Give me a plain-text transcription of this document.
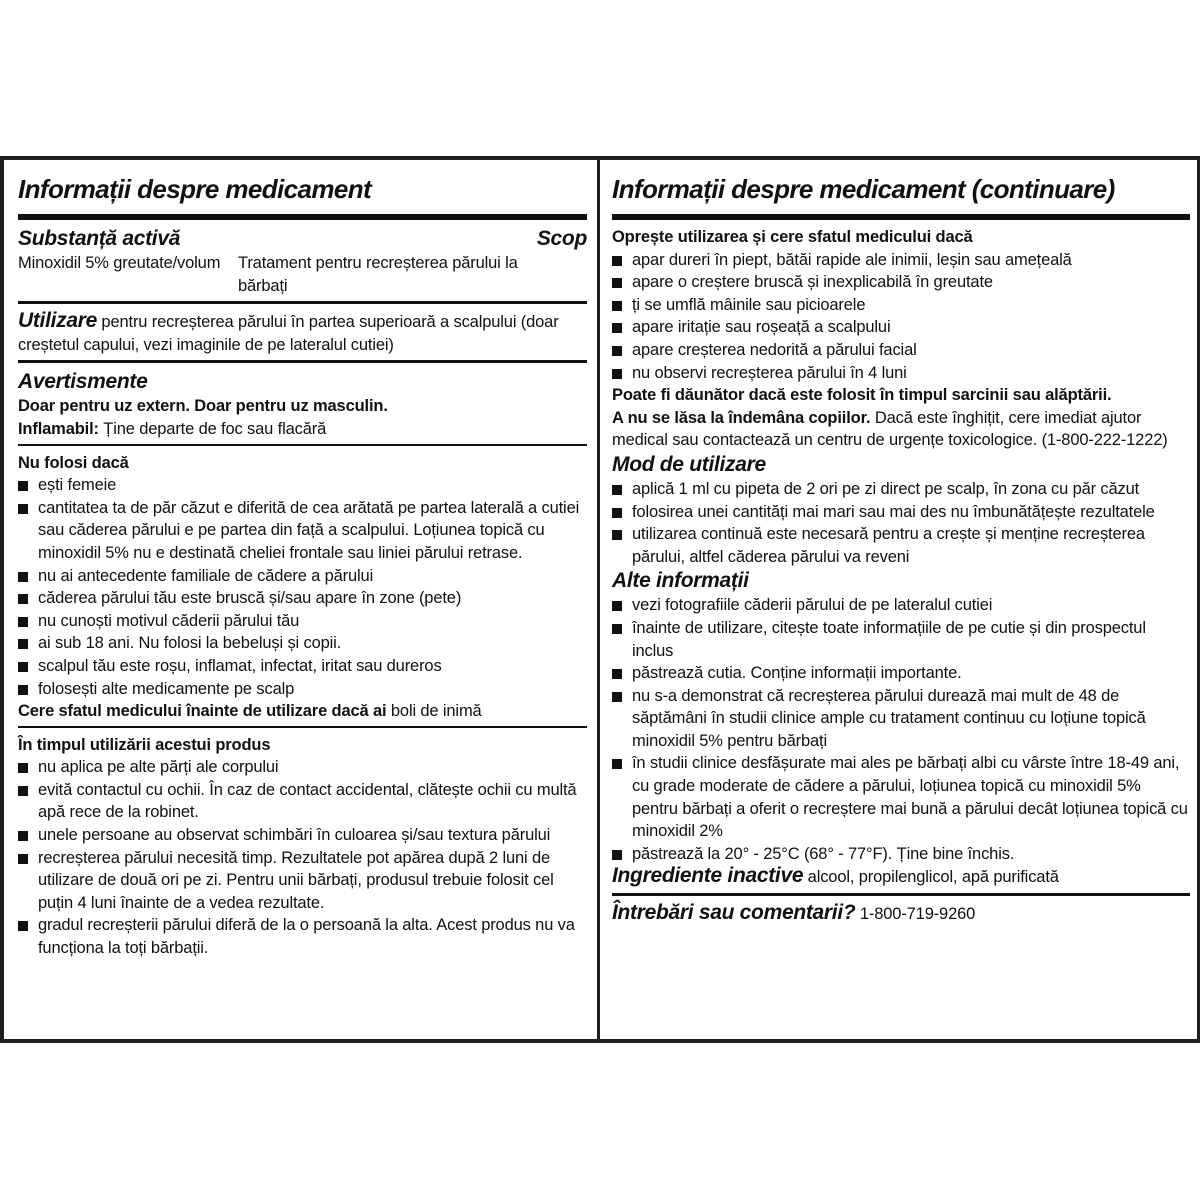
Informații despre medicament
Substanță activă	Scop
Minoxidil 5% greutate/volum	Tratament pentru recreșterea părului la bărbați
Utilizare pentru recreșterea părului în partea superioară a scalpului (doar creștetul capului, vezi imaginile de pe lateralul cutiei)
Avertismente
Doar pentru uz extern. Doar pentru uz masculin.
Inflamabil: Ține departe de foc sau flacără
Nu folosi dacă
ești femeie
cantitatea ta de păr căzut e diferită de cea arătată pe partea laterală a cutiei sau căderea părului e pe partea din față a scalpului. Loțiunea topică cu minoxidil 5% nu e destinată cheliei frontale sau liniei părului retrase.
nu ai antecedente familiale de cădere a părului
căderea părului tău este bruscă și/sau apare în zone (pete)
nu cunoști motivul căderii părului tău
ai sub 18 ani. Nu folosi la bebeluși și copii.
scalpul tău este roșu, inflamat, infectat, iritat sau dureros
folosești alte medicamente pe scalp
Cere sfatul medicului înainte de utilizare dacă ai boli de inimă
În timpul utilizării acestui produs
nu aplica pe alte părți ale corpului
evită contactul cu ochii. În caz de contact accidental, clătește ochii cu multă apă rece de la robinet.
unele persoane au observat schimbări în culoarea și/sau textura părului
recreșterea părului necesită timp. Rezultatele pot apărea după 2 luni de utilizare de două ori pe zi. Pentru unii bărbați, produsul trebuie folosit cel puțin 4 luni înainte de a vedea rezultate.
gradul recreșterii părului diferă de la o persoană la alta. Acest produs nu va funcționa la toți bărbații.
Informații despre medicament (continuare)
Oprește utilizarea și cere sfatul medicului dacă
apar dureri în piept, bătăi rapide ale inimii, leșin sau amețeală
apare o creștere bruscă și inexplicabilă în greutate
ți se umflă mâinile sau picioarele
apare iritație sau roșeață a scalpului
apare creșterea nedorită a părului facial
nu observi recreșterea părului în 4 luni
Poate fi dăunător dacă este folosit în timpul sarcinii sau alăptării.
A nu se lăsa la îndemâna copiilor. Dacă este înghițit, cere imediat ajutor medical sau contactează un centru de urgențe toxicologice. (1-800-222-1222)
Mod de utilizare
aplică 1 ml cu pipeta de 2 ori pe zi direct pe scalp, în zona cu păr căzut
folosirea unei cantități mai mari sau mai des nu îmbunătățește rezultatele
utilizarea continuă este necesară pentru a crește și menține recreșterea părului, altfel căderea părului va reveni
Alte informații
vezi fotografiile căderii părului de pe lateralul cutiei
înainte de utilizare, citește toate informațiile de pe cutie și din prospectul inclus
păstrează cutia. Conține informații importante.
nu s-a demonstrat că recreșterea părului durează mai mult de 48 de săptămâni în studii clinice ample cu tratament continuu cu loțiune topică minoxidil 5% pentru bărbați
în studii clinice desfășurate mai ales pe bărbați albi cu vârste între 18-49 ani, cu grade moderate de cădere a părului, loțiunea topică cu minoxidil 5% pentru bărbați a oferit o recreștere mai bună a părului decât loțiunea topică cu minoxidil 2%
păstrează la 20° - 25°C (68° - 77°F). Ține bine închis.
Ingrediente inactive alcool, propilenglicol, apă purificată
Întrebări sau comentarii? 1-800-719-9260
